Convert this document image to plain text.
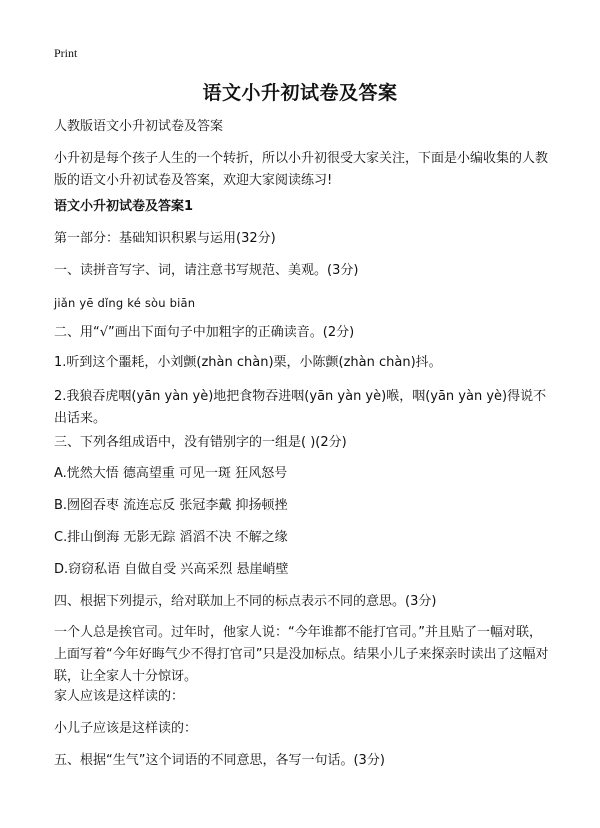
Print
语文小升初试卷及答案
人教版语文小升初试卷及答案
小升初是每个孩子人生的一个转折，所以小升初很受大家关注，下面是小编收集的人教版的语文小升初试卷及答案，欢迎大家阅读练习!
语文小升初试卷及答案1
第一部分：基础知识积累与运用(32分)
一、读拼音写字、词，请注意书写规范、美观。(3分)
jiǎn yē dǐng ké sòu biān
二、用“√”画出下面句子中加粗字的正确读音。(2分)
1.听到这个噩耗，小刘颤(zhàn chàn)栗，小陈颤(zhàn chàn)抖。
2.我狼吞虎咽(yān yàn yè)地把食物吞进咽(yān yàn yè)喉，咽(yān yàn yè)得说不出话来。
三、下列各组成语中，没有错别字的一组是( )(2分)
A.恍然大悟 德高望重 可见一斑 狂风怒号
B.囫囵吞枣 流连忘反 张冠李戴 抑扬顿挫
C.排山倒海 无影无踪 滔滔不决 不解之缘
D.窃窃私语 自做自受 兴高采烈 悬崖峭壁
四、根据下列提示，给对联加上不同的标点表示不同的意思。(3分)
一个人总是挨官司。过年时，他家人说：“今年谁都不能打官司。”并且贴了一幅对联，上面写着“今年好晦气少不得打官司”只是没加标点。结果小儿子来探亲时读出了这幅对联，让全家人十分惊讶。
家人应该是这样读的：
小儿子应该是这样读的：
五、根据“生气”这个词语的不同意思，各写一句话。(3分)
